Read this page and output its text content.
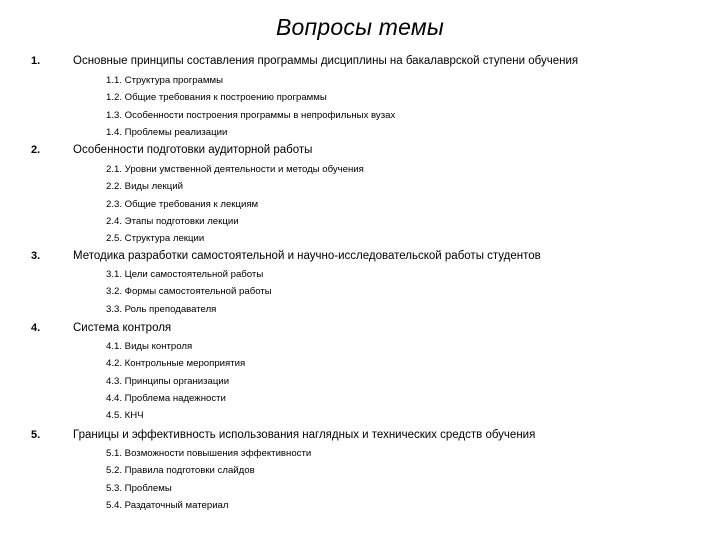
Вопросы темы
1.	Основные принципы составления программы дисциплины на бакалаврской ступени обучения
1.1. Структура программы
1.2. Общие требования к построению программы
1.3. Особенности построения программы в непрофильных вузах
1.4. Проблемы реализации
2.	Особенности подготовки аудиторной работы
2.1. Уровни умственной деятельности и методы обучения
2.2. Виды лекций
2.3. Общие требования к лекциям
2.4. Этапы подготовки лекции
2.5. Структура лекции
3.	Методика разработки самостоятельной и научно-исследовательской работы студентов
3.1. Цели самостоятельной работы
3.2. Формы самостоятельной работы
3.3. Роль преподавателя
4.	Система контроля
4.1. Виды контроля
4.2. Контрольные мероприятия
4.3. Принципы организации
4.4. Проблема надежности
4.5. КНЧ
5.	Границы и эффективность использования наглядных и технических средств обучения
5.1. Возможности повышения эффективности
5.2. Правила подготовки слайдов
5.3. Проблемы
5.4. Раздаточный материал
